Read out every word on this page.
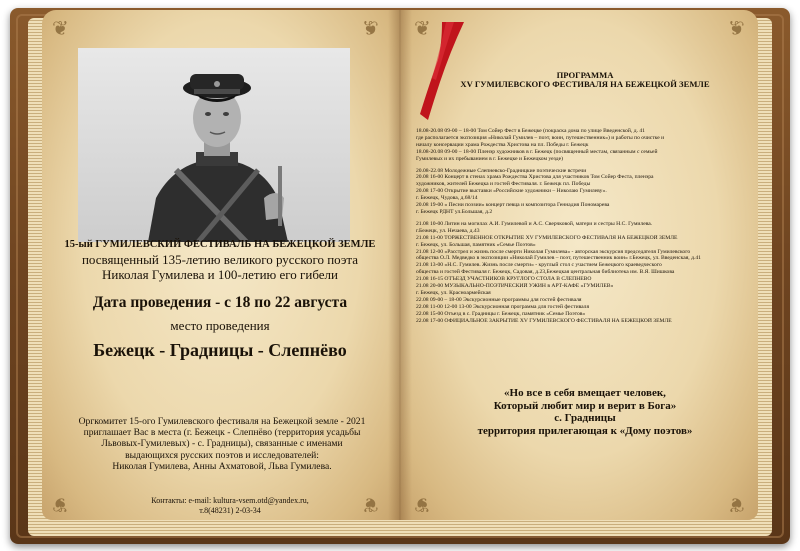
❦	❦
❦	❦
❦	❦
❦	❦
15-ый ГУМИЛЕВСКИЙ ФЕСТИВАЛЬ НА БЕЖЕЦКОЙ ЗЕМЛЕ
посвященный 135-летию великого русского поэта
Николая Гумилева и 100-летию его гибели
Дата проведения - с 18 по 22 августа
место проведения
Бежецк - Градницы - Слепнёво
Оргкомитет 15-ого Гумилевского фестиваля на Бежецкой земле - 2021
приглашает Вас в места (г. Бежецк - Слепнёво (территория усадьбы
Львовых-Гумилевых) - с. Градницы), связанные с именами
выдающихся русских поэтов и исследователей:
Николая Гумилева, Анны Ахматовой, Льва Гумилева.
Контакты: е-mail: kultura-vsem.otd@yandex.ru,
т.8(48231) 2-03-34
ПРОГРАММА
XV ГУМИЛЕВСКОГО ФЕСТИВАЛЯ НА БЕЖЕЦКОЙ ЗЕМЛЕ
18.08-20.08 09-00 – 18-00 Том Сойер Фест в Бежецке (покраска дома по улице Введенской, д. 41
где располагается экспозиция «Николай Гумилев – поэт, воин, путешественник») и работы по очистке и
началу консервации храма Рождества Христова на пл. Победы г. Бежецк
18.08-20.08 09-00 – 18-00 Пленэр художников в г. Бежецк (посвященный местам, связанным с семьей
Гумилевых и их пребыванием в г. Бежецке и Бежецком уезде)
20.08-22.08 Молодежные Слепневско-Градницкие поэтические встречи
20.08 16-00 Концерт в стенах храма Рождества Христова для участников Том Сойер Феста, пленэра
художников, жителей Бежецка и гостей Фестиваля. г. Бежецк пл. Победы
20.08 17-00 Открытие выставки «Российские художники – Николаю Гумилеву».
г. Бежецк, Чудова, д.68/14
20.08 19-00 « Песни поэзии» концерт певца и композитора Геннадия Пономарева
г. Бежецк РДНТ ул.Большая, д.2
21.08 10-00 Литин на могилах А.И. Гумилевой и А.С. Сверчковой, матери и сестры Н.С. Гумилева.
г.Бежецк, ул. Нечаева, д.43
21.08 11-00 ТОРЖЕСТВЕННОЕ ОТКРЫТИЕ XV ГУМИЛЕВСКОГО ФЕСТИВАЛЯ НА БЕЖЕЦКОЙ ЗЕМЛЕ
г. Бежецк, ул. Большая, памятник «Семье Поэтов»
21.08 12-00 «Расстрел и жизнь после смерти Николая Гумилева» - авторская экскурсия председателя Гумилевского
общества О.Л. Медведко в экспозиции «Николай Гумилев – поэт, путешественник воин» г.Бежецк, ул. Введенская, д.41
21.08 13-00 «Н.С. Гумилев. Жизнь после смерти» - круглый стол с участием Бежецкого краеведческого
общества и гостей Фестиваля г. Бежецк, Садовая, д.23,Бежецкая центральная библиотека им. В.Я. Шишкова
21.08 16-15 ОТЪЕЗД УЧАСТНИКОВ КРУГЛОГО СТОЛА В СЛЕПНЁВО
21.08 20-00 МУЗЫКАЛЬНО-ПОЭТИЧЕСКИЙ УЖИН в АРТ-КАФЕ «ГУМИЛЕВ»
г. Бежецк, ул. Красноармейская
22.08 09-00 – 18-00 Экскурсионные программы для гостей фестиваля
22.08 11-00 12-00 13-00 Экскурсионная программа для гостей фестиваля
22.08 15-00 Отъезд в с. Градницы г. Бежецк, памятник «Семье Поэтов»
22.08 17-00 ОФИЦИАЛЬНОЕ ЗАКРЫТИЕ XV ГУМИЛЕВСКОГО ФЕСТИВАЛЯ НА БЕЖЕЦКОЙ ЗЕМЛЕ
«Но все в себя вмещает человек,
Который любит мир и верит в Бога»
с. Градницы
территория прилегающая к «Дому поэтов»
